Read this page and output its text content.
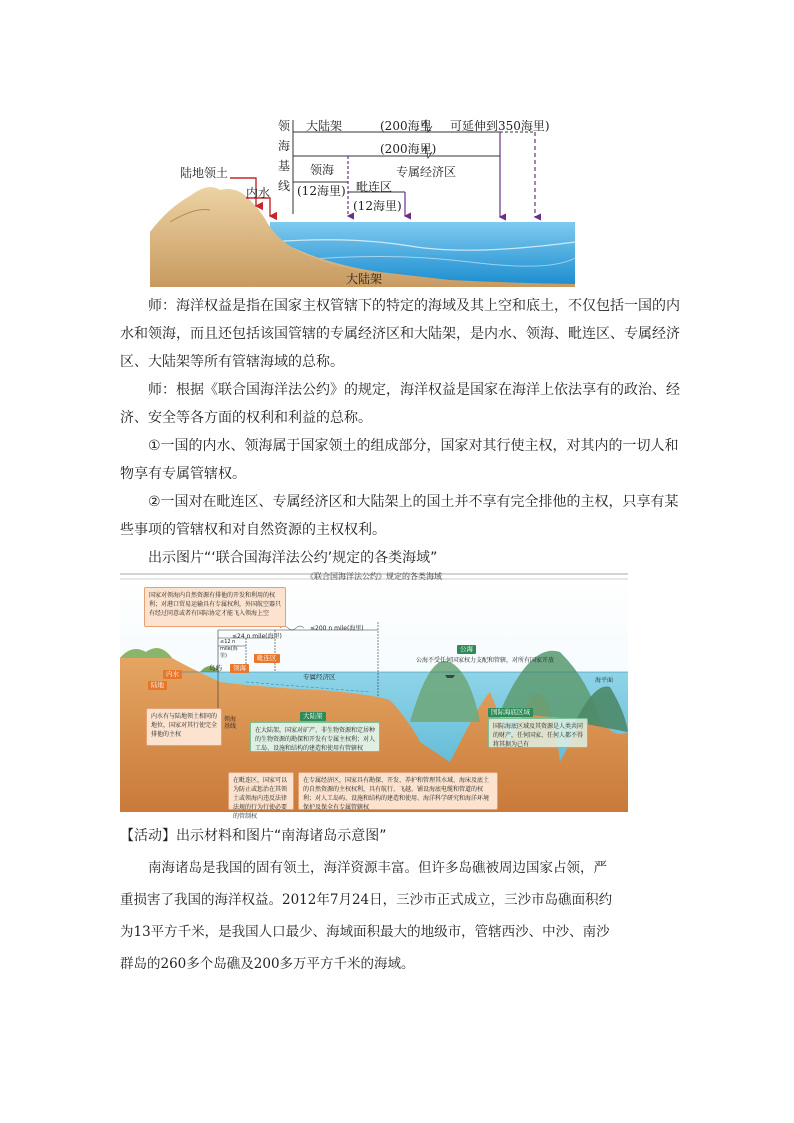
领海基线
陆地领土
内水
大陆架	(200海里 可延伸到350海里)
(200海里)
专属经济区
领海
(12海里) 毗连区
(12海里)
大陆架

师：海洋权益是指在国家主权管辖下的特定的海域及其上空和底土，不仅包括一国的内水和领海，而且还包括该国管辖的专属经济区和大陆架，是内水、领海、毗连区、专属经济区、大陆架等所有管辖海域的总称。

师：根据《联合国海洋法公约》的规定，海洋权益是国家在海洋上依法享有的政治、经济、安全等各方面的权利和利益的总称。

①一国的内水、领海属于国家领土的组成部分，国家对其行使主权，对其内的一切人和物享有专属管辖权。

②一国对在毗连区、专属经济区和大陆架上的国土并不享有完全排他的主权，只享有某些事项的管辖权和对自然资源的主权权利。

出示图片“‘联合国海洋法公约’规定的各类海域”

《联合国海洋法公约》规定的各类海域
≤200 n mile(海里)
≤24 n mile(海里)
≤12 n mile(海里)
陆地
内水
岛屿	领海
毗连区
专属经济区
大陆架
公海
国际海底区域
领海基线
海平面
国家对领海内自然资源有排他的开发和利用的权利；对港口贸易运输具有专属权利，外国航空器只有经过同意或者有国际协定才能飞入领海上空
内水有与陆地领土相同的地位，国家对其行使完全排他的主权
在大陆架，国家对矿产、非生物资源和定居种的生物资源的勘探和开发有专属主权利；对人工岛、设施和结构的建造和使用有管辖权
公海不受任何国家权力支配和管辖，对所有国家开放
国际海底区域及其资源是人类共同的财产，任何国家、任何人都不得将其据为己有
在毗连区，国家可以为防止或惩治在其领土或领海内违反法律法规的行为行使必要的管制权
在专属经济区，国家具有勘探、开发、养护和管理其水域、海床及底土的自然资源的主权权利，具有航行、飞越、铺设海底电缆和管道的权利；对人工岛屿、设施和结构的建造和使用、海洋科学研究和海洋环境保护及保全有专属管辖权

【活动】出示材料和图片“南海诸岛示意图”

南海诸岛是我国的固有领土，海洋资源丰富。但许多岛礁被周边国家占领，严重损害了我国的海洋权益。2012年7月24日，三沙市正式成立，三沙市岛礁面积约为13平方千米，是我国人口最少、海域面积最大的地级市，管辖西沙、中沙、南沙群岛的260多个岛礁及200多万平方千米的海域。
